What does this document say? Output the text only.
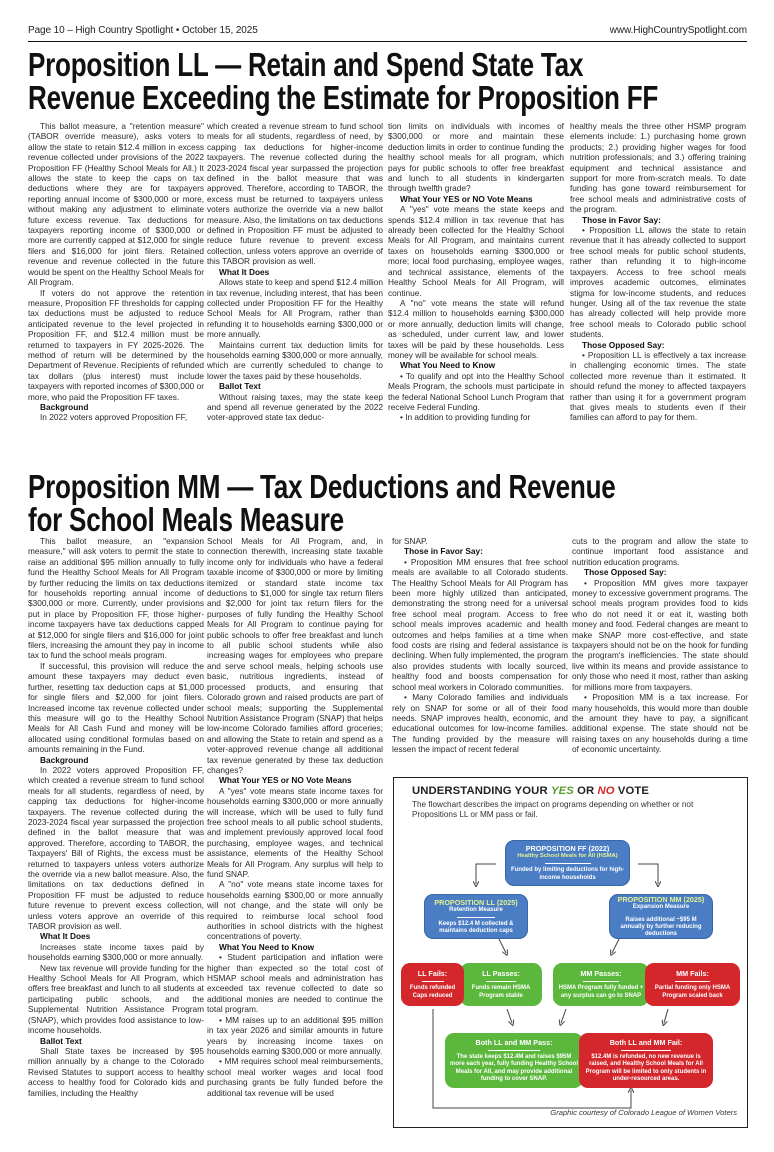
Page 10 – High Country Spotlight • October 15, 2025	www.HighCountrySpotlight.com
Proposition LL — Retain and Spend State Tax
Revenue Exceeding the Estimate for Proposition FF

This ballot measure, a "retention measure" (TABOR override measure), asks voters to allow the state to retain $12.4 million in excess revenue collected under provisions of the 2022 Proposition FF (Healthy School Meals for All.) It allows the state to keep the caps on tax deductions where they are for taxpayers reporting annual income of $300,000 or more, without making any adjustment to eliminate future excess revenue. Tax deductions for taxpayers reporting income of $300,000 or more are currently capped at $12,000 for single filers and $16,000 for joint filers. Retained revenue and revenue collected in the future would be spent on the Healthy School Meals for All Program.

If voters do not approve the retention measure, Proposition FF thresholds for capping tax deductions must be adjusted to reduce anticipated revenue to the level projected in Proposition FF, and $12.4 million must be returned to taxpayers in FY 2025-2026. The method of return will be determined by the Department of Revenue. Recipients of refunded tax dollars (plus interest) must include taxpayers with reported incomes of $300,000 or more, who paid the Proposition FF taxes.

Background

In 2022 voters approved Proposition FF,

which created a revenue stream to fund school meals for all students, regardless of need, by capping tax deductions for higher-income taxpayers. The revenue collected during the 2023-2024 fiscal year surpassed the projection defined in the ballot measure that was approved. Therefore, according to TABOR, the excess must be returned to taxpayers unless voters authorize the override via a new ballot measure. Also, the limitations on tax deductions defined in Proposition FF must be adjusted to reduce future revenue to prevent excess collection, unless voters approve an override of this TABOR provision as well.

What It Does

Allows state to keep and spend $12.4 million in tax revenue, including interest, that has been collected under Proposition FF for the Healthy School Meals for All Program, rather than refunding it to households earning $300,000 or more annually.

Maintains current tax deduction limits for households earning $300,000 or more annually, which are currently scheduled to change to lower the taxes paid by these households.

Ballot Text

Without raising taxes, may the state keep and spend all revenue generated by the 2022 voter-approved state tax deduc-

tion limits on individuals with incomes of $300,000 or more and maintain these deduction limits in order to continue funding the healthy school meals for all program, which pays for public schools to offer free breakfast and lunch to all students in kindergarten through twelfth grade?

What Your YES or NO Vote Means

A "yes" vote means the state keeps and spends $12.4 million in tax revenue that has already been collected for the Healthy School Meals for All Program, and maintains current taxes on households earning $300,000 or more; local food purchasing, employee wages, and technical assistance, elements of the Healthy School Meals for All Program, will continue.

A "no" vote means the state will refund $12.4 million to households earning $300,000 or more annually, deduction limits will change, as scheduled, under current law, and lower taxes will be paid by these households. Less money will be available for school meals.

What You Need to Know

• To qualify and opt into the Healthy School Meals Program, the schools must participate in the federal National School Lunch Program that receive Federal Funding.

• In addition to providing funding for

healthy meals the three other HSMP program elements include: 1.) purchasing home grown products; 2.) providing higher wages for food nutrition professionals; and 3.) offering training equipment and technical assistance and support for more from-scratch meals. To date funding has gone toward reimbursement for free school meals and administrative costs of the program.

Those in Favor Say:

• Proposition LL allows the state to retain revenue that it has already collected to support free school meals for public school students, rather than refunding it to high-income taxpayers. Access to free school meals improves academic outcomes, eliminates stigma for low-income students, and reduces hunger. Using all of the tax revenue the state has already collected will help provide more free school meals to Colorado public school students.

Those Opposed Say:

• Proposition LL is effectively a tax increase in challenging economic times. The state collected more revenue than it estimated. It should refund the money to affected taxpayers rather than using it for a government program that gives meals to students even if their families can afford to pay for them.

Proposition MM — Tax Deductions and Revenue
for School Meals Measure

This ballot measure, an "expansion measure," will ask voters to permit the state to raise an additional $95 million annually to fully fund the Healthy School Meals for All Program by further reducing the limits on tax deductions for households reporting annual income of $300,000 or more. Currently, under provisions put in place by Proposition FF, those higher-income taxpayers have tax deductions capped at $12,000 for single filers and $16,000 for joint filers, increasing the amount they pay in income tax to fund the school meals program.

If successful, this provision will reduce the amount these taxpayers may deduct even further, resetting tax deduction caps at $1,000 for single filers and $2,000 for joint filers. Increased income tax revenue collected under this measure will go to the Healthy School Meals for All Cash Fund and money will be allocated using conditional formulas based on amounts remaining in the Fund.

Background

In 2022 voters approved Proposition FF, which created a revenue stream to fund school meals for all students, regardless of need, by capping tax deductions for higher-income taxpayers. The revenue collected during the 2023-2024 fiscal year surpassed the projection defined in the ballot measure that was approved. Therefore, according to TABOR, the Taxpayers' Bill of Rights, the excess must be returned to taxpayers unless voters authorize the override via a new ballot measure. Also, the limitations on tax deductions defined in Proposition FF must be adjusted to reduce future revenue to prevent excess collection, unless voters approve an override of this TABOR provision as well.

What It Does

Increases state income taxes paid by households earning $300,000 or more annually.

New tax revenue will provide funding for the Healthy School Meals for All Program, which offers free breakfast and lunch to all students at participating public schools, and the Supplemental Nutrition Assistance Program (SNAP), which provides food assistance to low-income households.

Ballot Text

Shall State taxes be increased by $95 million annually by a change to the Colorado Revised Statutes to support access to healthy access to healthy food for Colorado kids and families, including the Healthy

School Meals for All Program, and, in connection therewith, increasing state taxable income only for individuals who have a federal taxable income of $300,000 or more by limiting itemized or standard state income tax deductions to $1,000 for single tax return filers and $2,000 for joint tax return filers for the purposes of fully funding the Healthy School Meals for All Program to continue paying for public schools to offer free breakfast and lunch to all public school students while also increasing wages for employees who prepare and serve school meals, helping schools use basic, nutritious ingredients, instead of processed products, and ensuring that Colorado grown and raised products are part of school meals; supporting the Supplemental Nutrition Assistance Program (SNAP) that helps low-income Colorado families afford groceries; and allowing the State to retain and spend as a voter-approved revenue change all additional tax revenue generated by these tax deduction changes?

What Your YES or NO Vote Means

A "yes" vote means state income taxes for households earning $300,000 or more annually will increase, which will be used to fully fund free school meals to all public school students, and implement previously approved local food purchasing, employee wages, and technical assistance, elements of the Healthy School Meals for All Program. Any surplus will help to fund SNAP.

A "no" vote means state income taxes for households earning $300,00 or more annually will not change, and the state will only be required to reimburse local school food authorities in school districts with the highest concentrations of poverty.

What You Need to Know

• Student participation and inflation were higher than expected so the total cost of HSMAP school meals and administration has exceeded tax revenue collected to date so additional monies are needed to continue the total program.

• MM raises up to an additional $95 million in tax year 2026 and similar amounts in future years by increasing income taxes on households earning $300,000 or more annually.

• MM requires school meal reimbursements, school meal worker wages and local food purchasing grants be fully funded before the additional tax revenue will be used

for SNAP.

Those in Favor Say:

• Proposition MM ensures that free school meals are available to all Colorado students. The Healthy School Meals for All Program has been more highly utilized than anticipated, demonstrating the strong need for a universal free school meal program. Access to free school meals improves academic and health outcomes and helps families at a time when food costs are rising and federal assistance is declining. When fully implemented, the program also provides students with locally sourced, healthy food and boosts compensation for school meal workers in Colorado communities.

• Many Colorado families and individuals rely on SNAP for some or all of their food needs. SNAP improves health, economic, and educational outcomes for low-income families. The funding provided by the measure will lessen the impact of recent federal

cuts to the program and allow the state to continue important food assistance and nutrition education programs.

Those Opposed Say:

• Proposition MM gives more taxpayer money to excessive government programs. The school meals program provides food to kids who do not need it or eat it, wasting both money and food. Federal changes are meant to make SNAP more cost-effective, and state taxpayers should not be on the hook for funding the program's inefficiencies. The state should live within its means and provide assistance to only those who need it most, rather than asking for millions more from taxpayers.

• Proposition MM is a tax increase. For many households, this would more than double the amount they have to pay, a significant additional expense. The state should not be raising taxes on any households during a time of economic uncertainty.

UNDERSTANDING YOUR YES OR NO VOTE
The flowchart describes the impact on programs depending on whether or not Propositions LL or MM pass or fail.
PROPOSITION FF (2022)
Healthy School Meals for All (HSMA)
Funded by limiting deductions for high-income households
PROPOSITION LL (2025)
Retention Measure
Keeps $12.4 M collected & maintains deduction caps
PROPOSITION MM (2025)
Expansion Measure
Raises additional ~$95 M annually by further reducing deductions
LL Passes:
Funds remain HSMA Program stable
LL Fails:
Funds refunded Caps reduced
MM Passes:
HSMA Program fully funded + any surplus can go to SNAP
MM Fails:
Partial funding only HSMA Program scaled back
Both LL and MM Pass:
The state keeps $12.4M and raises $95M more each year, fully funding Healthy School Meals for All, and may provide additional funding to cover SNAP.
Both LL and MM Fail:
$12.4M is refunded, no new revenue is raised, and Healthy School Meals for All Program will be limited to only students in under-resourced areas.
Graphic courtesy of Colorado League of Women Voters
